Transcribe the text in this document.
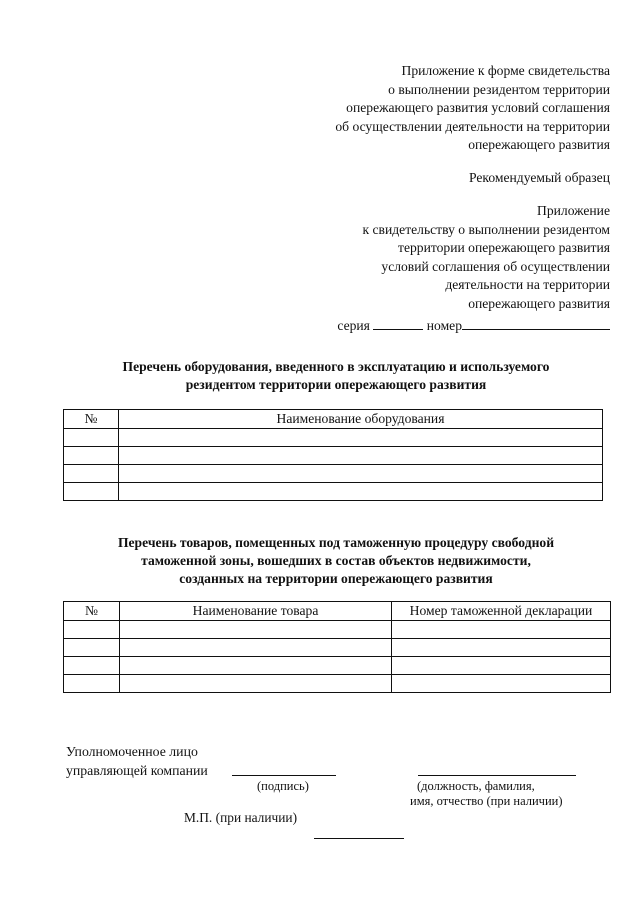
Приложение к форме свидетельства
о выполнении резидентом территории
опережающего развития условий соглашения
об осуществлении деятельности на территории
опережающего развития
Рекомендуемый образец
Приложение
к свидетельству о выполнении резидентом
территории опережающего развития
условий соглашения об осуществлении
деятельности на территории
опережающего развития
серия	номер
Перечень оборудования, введенного в эксплуатацию и используемого
резидентом территории опережающего развития
№	Наименование оборудования

Перечень товаров, помещенных под таможенную процедуру свободной
таможенной зоны, вошедших в состав объектов недвижимости,
созданных на территории опережающего развития
№	Наименование товара	Номер таможенной декларации

Уполномоченное лицо
управляющей компании
(подпись)	(должность, фамилия,
имя, отчество (при наличии)
М.П. (при наличии)
